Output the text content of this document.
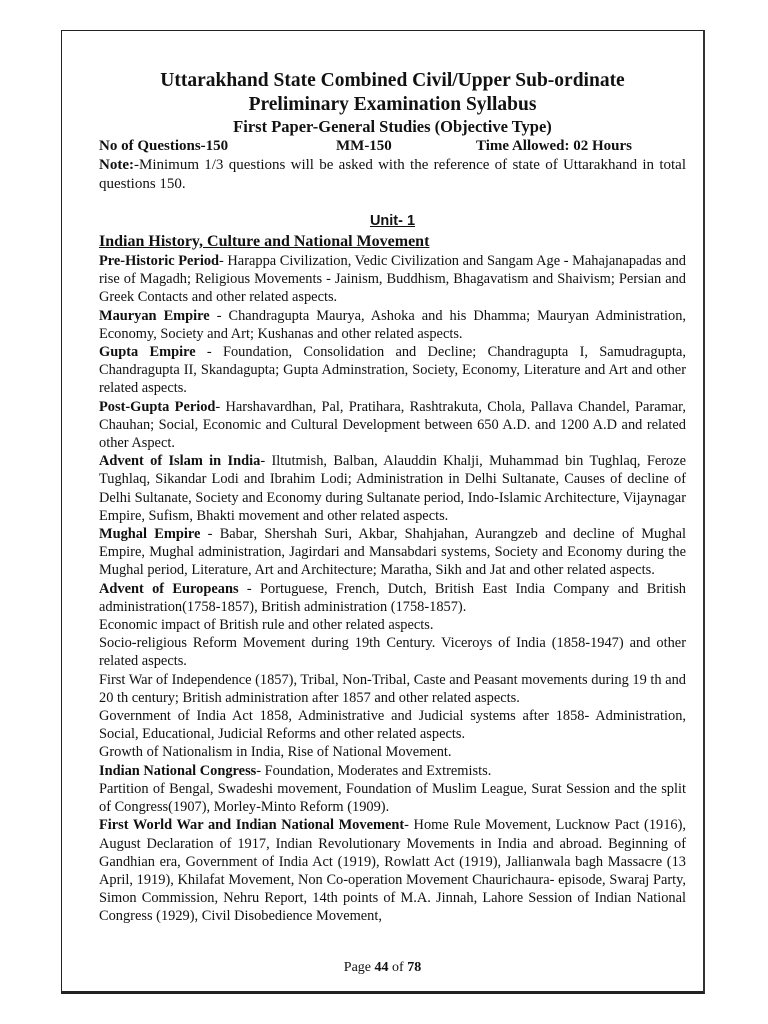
Uttarakhand State Combined Civil/Upper Sub-ordinate

Preliminary Examination Syllabus

First Paper-General Studies (Objective Type)

No of Questions-150	MM-150	Time Allowed: 02 Hours

Note:-Minimum 1/3 questions will be asked with the reference of state of Uttarakhand in total questions 150.

Unit- 1
Indian History, Culture and National Movement

Pre-Historic Period- Harappa Civilization, Vedic Civilization and Sangam Age - Mahajanapadas and rise of Magadh; Religious Movements - Jainism, Buddhism, Bhagavatism and Shaivism; Persian and Greek Contacts and other related aspects.

Mauryan Empire - Chandragupta Maurya, Ashoka and his Dhamma; Mauryan Administration, Economy, Society and Art; Kushanas and other related aspects.

Gupta Empire - Foundation, Consolidation and Decline; Chandragupta I, Samudragupta, Chandragupta II, Skandagupta; Gupta Adminstration, Society, Economy, Literature and Art and other related aspects.

Post-Gupta Period- Harshavardhan, Pal, Pratihara, Rashtrakuta, Chola, Pallava Chandel, Paramar, Chauhan; Social, Economic and Cultural Development between 650 A.D. and 1200 A.D and related other Aspect.

Advent of Islam in India- Iltutmish, Balban, Alauddin Khalji, Muhammad bin Tughlaq, Feroze Tughlaq, Sikandar Lodi and Ibrahim Lodi; Administration in Delhi Sultanate, Causes of decline of Delhi Sultanate, Society and Economy during Sultanate period, Indo-Islamic Architecture, Vijaynagar Empire, Sufism, Bhakti movement and other related aspects.

Mughal Empire - Babar, Shershah Suri, Akbar, Shahjahan, Aurangzeb and decline of Mughal Empire, Mughal administration, Jagirdari and Mansabdari systems, Society and Economy during the Mughal period, Literature, Art and Architecture; Maratha, Sikh and Jat and other related aspects.

Advent of Europeans - Portuguese, French, Dutch, British East India Company and British administration(1758-1857), British administration (1758-1857).

Economic impact of British rule and other related aspects.

Socio-religious Reform Movement during 19th Century. Viceroys of India (1858-1947) and other related aspects.

First War of Independence (1857), Tribal, Non-Tribal, Caste and Peasant movements during 19 th and 20 th century; British administration after 1857 and other related aspects.

Government of India Act 1858, Administrative and Judicial systems after 1858- Administration, Social, Educational, Judicial Reforms and other related aspects.

Growth of Nationalism in India, Rise of National Movement.

Indian National Congress- Foundation, Moderates and Extremists.

Partition of Bengal, Swadeshi movement, Foundation of Muslim League, Surat Session and the split of Congress(1907), Morley-Minto Reform (1909).

First World War and Indian National Movement- Home Rule Movement, Lucknow Pact (1916), August Declaration of 1917, Indian Revolutionary Movements in India and abroad. Beginning of Gandhian era, Government of India Act (1919), Rowlatt Act (1919), Jallianwala bagh Massacre (13 April, 1919), Khilafat Movement, Non Co-operation Movement Chaurichaura- episode, Swaraj Party, Simon Commission, Nehru Report, 14th points of M.A. Jinnah, Lahore Session of Indian National Congress (1929), Civil Disobedience Movement,

Page 44 of 78
